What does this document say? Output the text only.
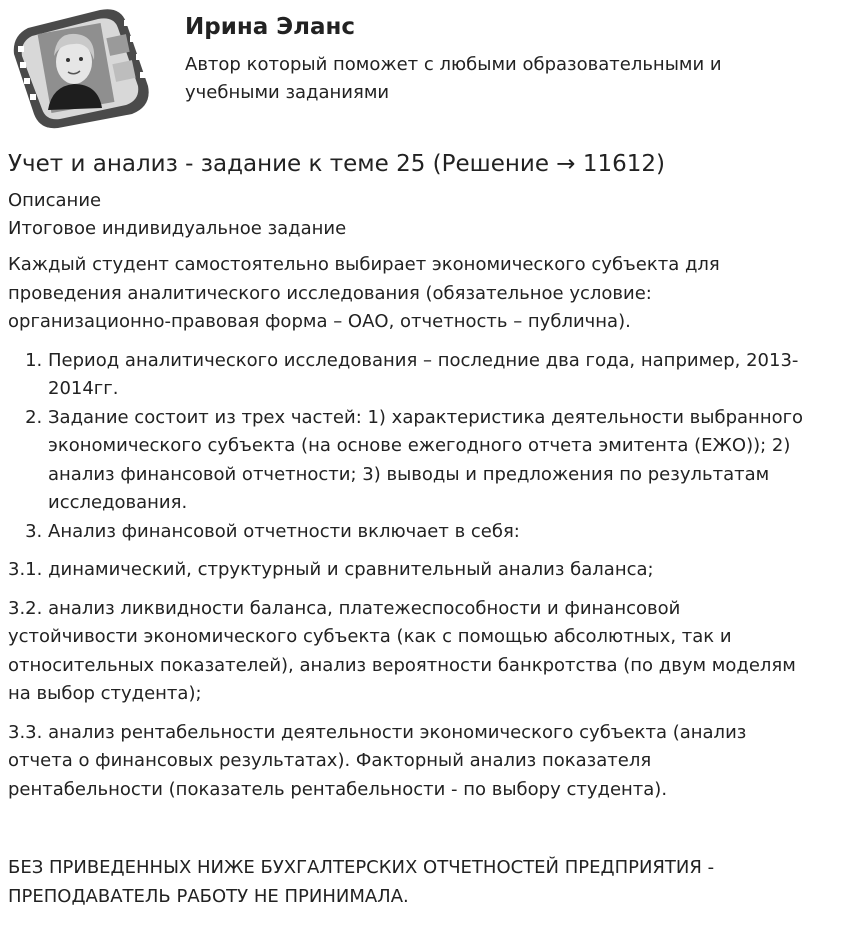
Ирина Эланс

Автор который поможет с любыми образовательными и учебными заданиями

Учет и анализ - задание к теме 25 (Решение → 11612)
Описание
Итоговое индивидуальное задание

Каждый студент самостоятельно выбирает экономического субъекта для проведения аналитического исследования (обязательное условие: организационно-правовая форма – ОАО, отчетность – публична).

1. Период аналитического исследования – последние два года, например, 2013-2014гг.
2. Задание состоит из трех частей: 1) характеристика деятельности выбранного экономического субъекта (на основе ежегодного отчета эмитента (ЕЖО)); 2) анализ финансовой отчетности; 3) выводы и предложения по результатам исследования.
3. Анализ финансовой отчетности включает в себя:

3.1. динамический, структурный и сравнительный анализ баланса;

3.2. анализ ликвидности баланса, платежеспособности и финансовой устойчивости экономического субъекта (как с помощью абсолютных, так и относительных показателей), анализ вероятности банкротства (по двум моделям на выбор студента);

3.3. анализ рентабельности деятельности экономического субъекта (анализ отчета о финансовых результатах). Факторный анализ показателя рентабельности (показатель рентабельности - по выбору студента).

БЕЗ ПРИВЕДЕННЫХ НИЖЕ БУХГАЛТЕРСКИХ ОТЧЕТНОСТЕЙ ПРЕДПРИЯТИЯ - ПРЕПОДАВАТЕЛЬ РАБОТУ НЕ ПРИНИМАЛА.
